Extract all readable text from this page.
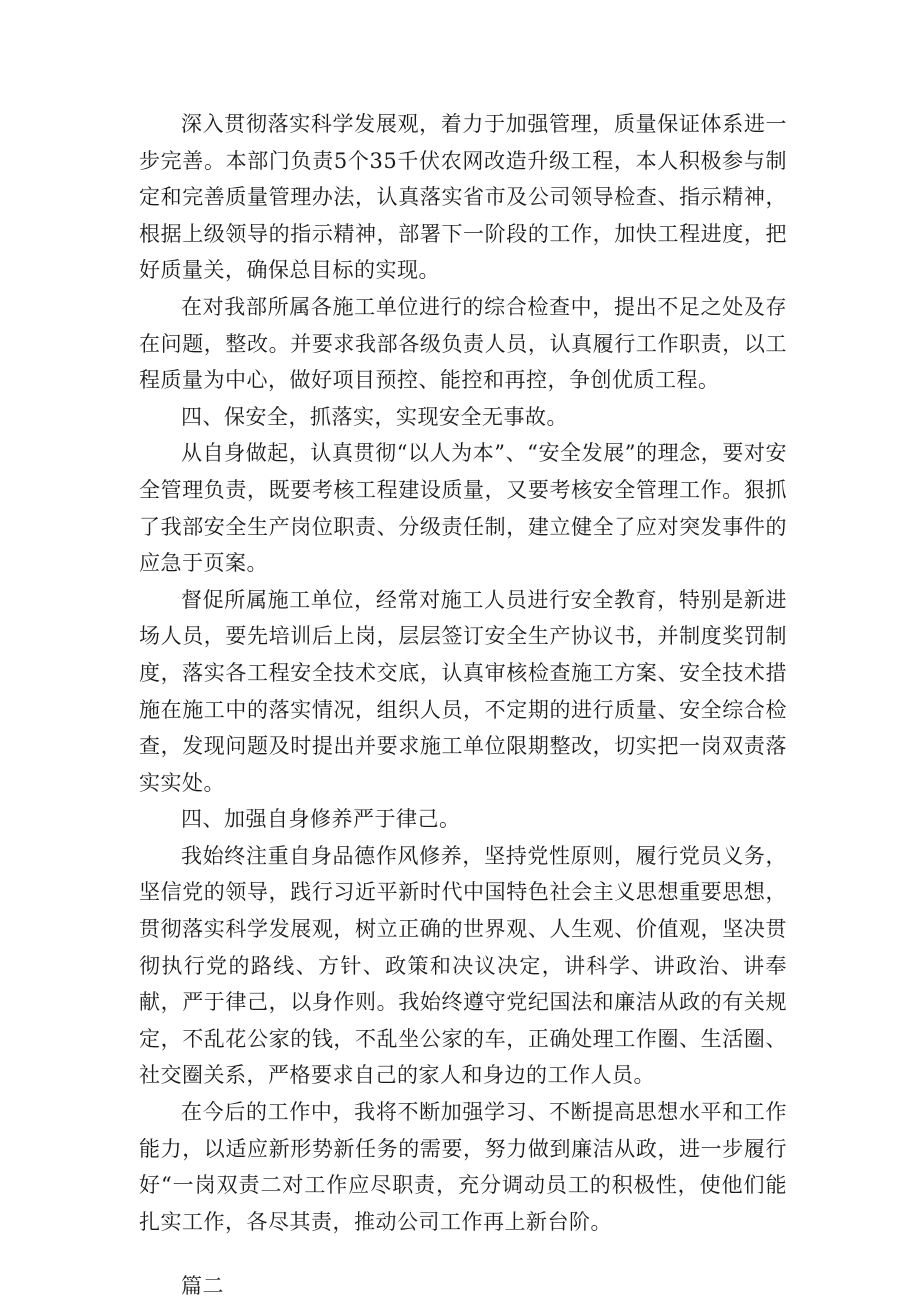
深入贯彻落实科学发展观，着力于加强管理，质量保证体系进一步完善。本部门负责5个35千伏农网改造升级工程，本人积极参与制定和完善质量管理办法，认真落实省市及公司领导检查、指示精神，根据上级领导的指示精神，部署下一阶段的工作，加快工程进度，把好质量关，确保总目标的实现。

在对我部所属各施工单位进行的综合检查中，提出不足之处及存在问题，整改。并要求我部各级负责人员，认真履行工作职责，以工程质量为中心，做好项目预控、能控和再控，争创优质工程。

四、保安全，抓落实，实现安全无事故。

从自身做起，认真贯彻“以人为本”、“安全发展”的理念，要对安全管理负责，既要考核工程建设质量，又要考核安全管理工作。狠抓了我部安全生产岗位职责、分级责任制，建立健全了应对突发事件的应急于页案。

督促所属施工单位，经常对施工人员进行安全教育，特别是新进场人员，要先培训后上岗，层层签订安全生产协议书，并制度奖罚制度，落实各工程安全技术交底，认真审核检查施工方案、安全技术措施在施工中的落实情况，组织人员，不定期的进行质量、安全综合检查，发现问题及时提出并要求施工单位限期整改，切实把一岗双责落实实处。

四、加强自身修养严于律己。

我始终注重自身品德作风修养，坚持党性原则，履行党员义务，坚信党的领导，践行习近平新时代中国特色社会主义思想重要思想，贯彻落实科学发展观，树立正确的世界观、人生观、价值观，坚决贯彻执行党的路线、方针、政策和决议决定，讲科学、讲政治、讲奉献，严于律己，以身作则。我始终遵守党纪国法和廉洁从政的有关规定，不乱花公家的钱，不乱坐公家的车，正确处理工作圈、生活圈、社交圈关系，严格要求自己的家人和身边的工作人员。

在今后的工作中，我将不断加强学习、不断提高思想水平和工作能力，以适应新形势新任务的需要，努力做到廉洁从政，进一步履行好“一岗双责二对工作应尽职责，充分调动员工的积极性，使他们能扎实工作，各尽其责，推动公司工作再上新台阶。

篇二
